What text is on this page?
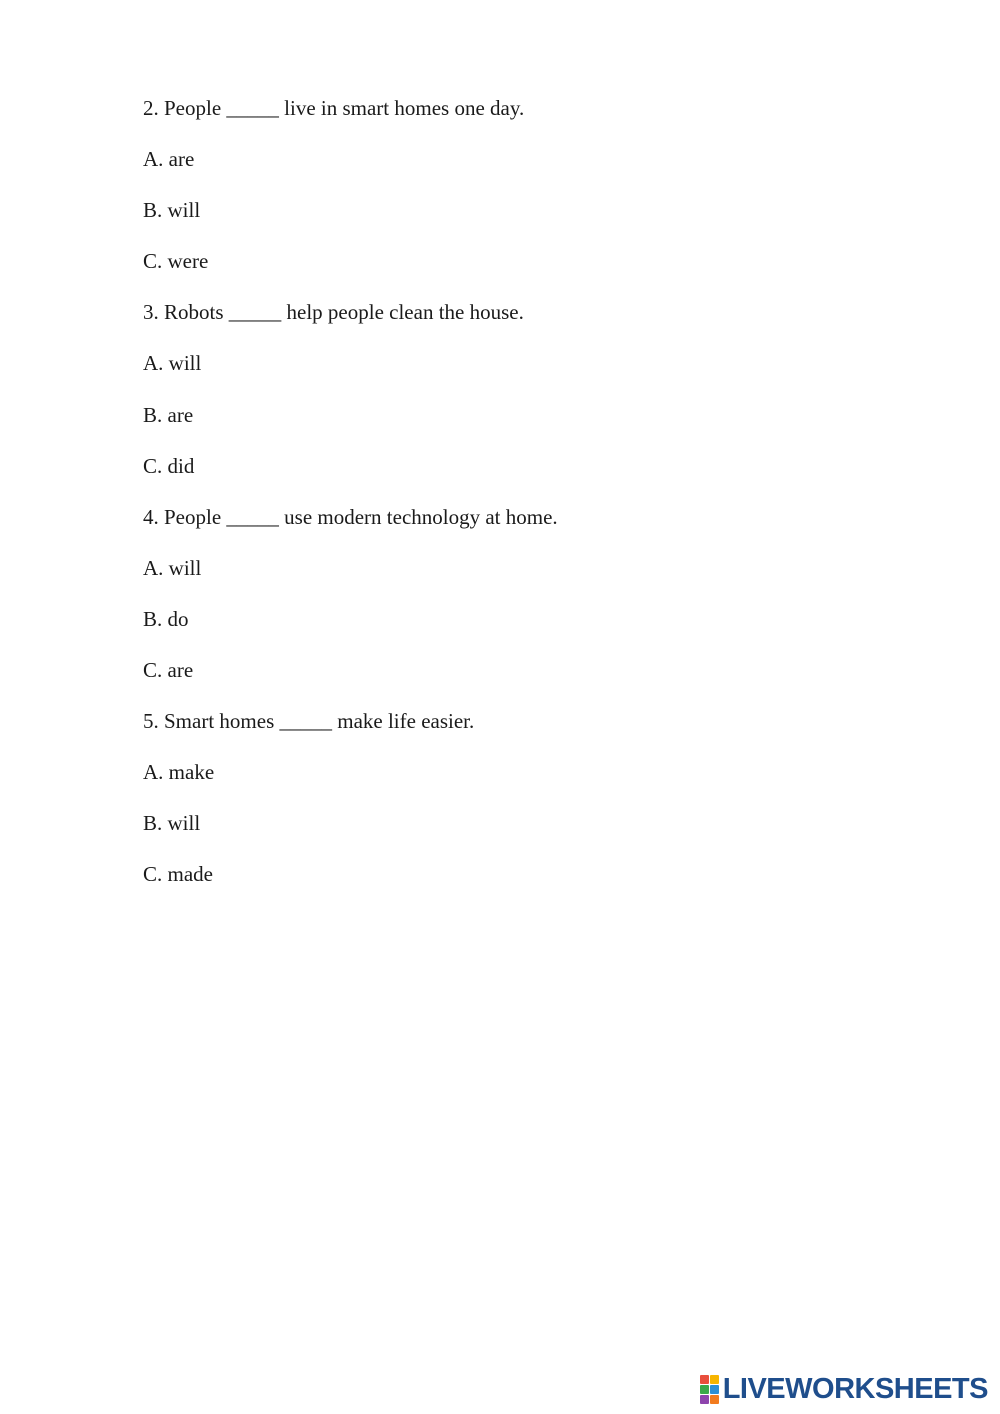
2. People _____ live in smart homes one day.
A. are
B. will
C. were
3. Robots _____ help people clean the house.
A. will
B. are
C. did
4. People _____ use modern technology at home.
A. will
B. do
C. are
5. Smart homes _____ make life easier.
A. make
B. will
C. made
LIVEWORKSHEETS
